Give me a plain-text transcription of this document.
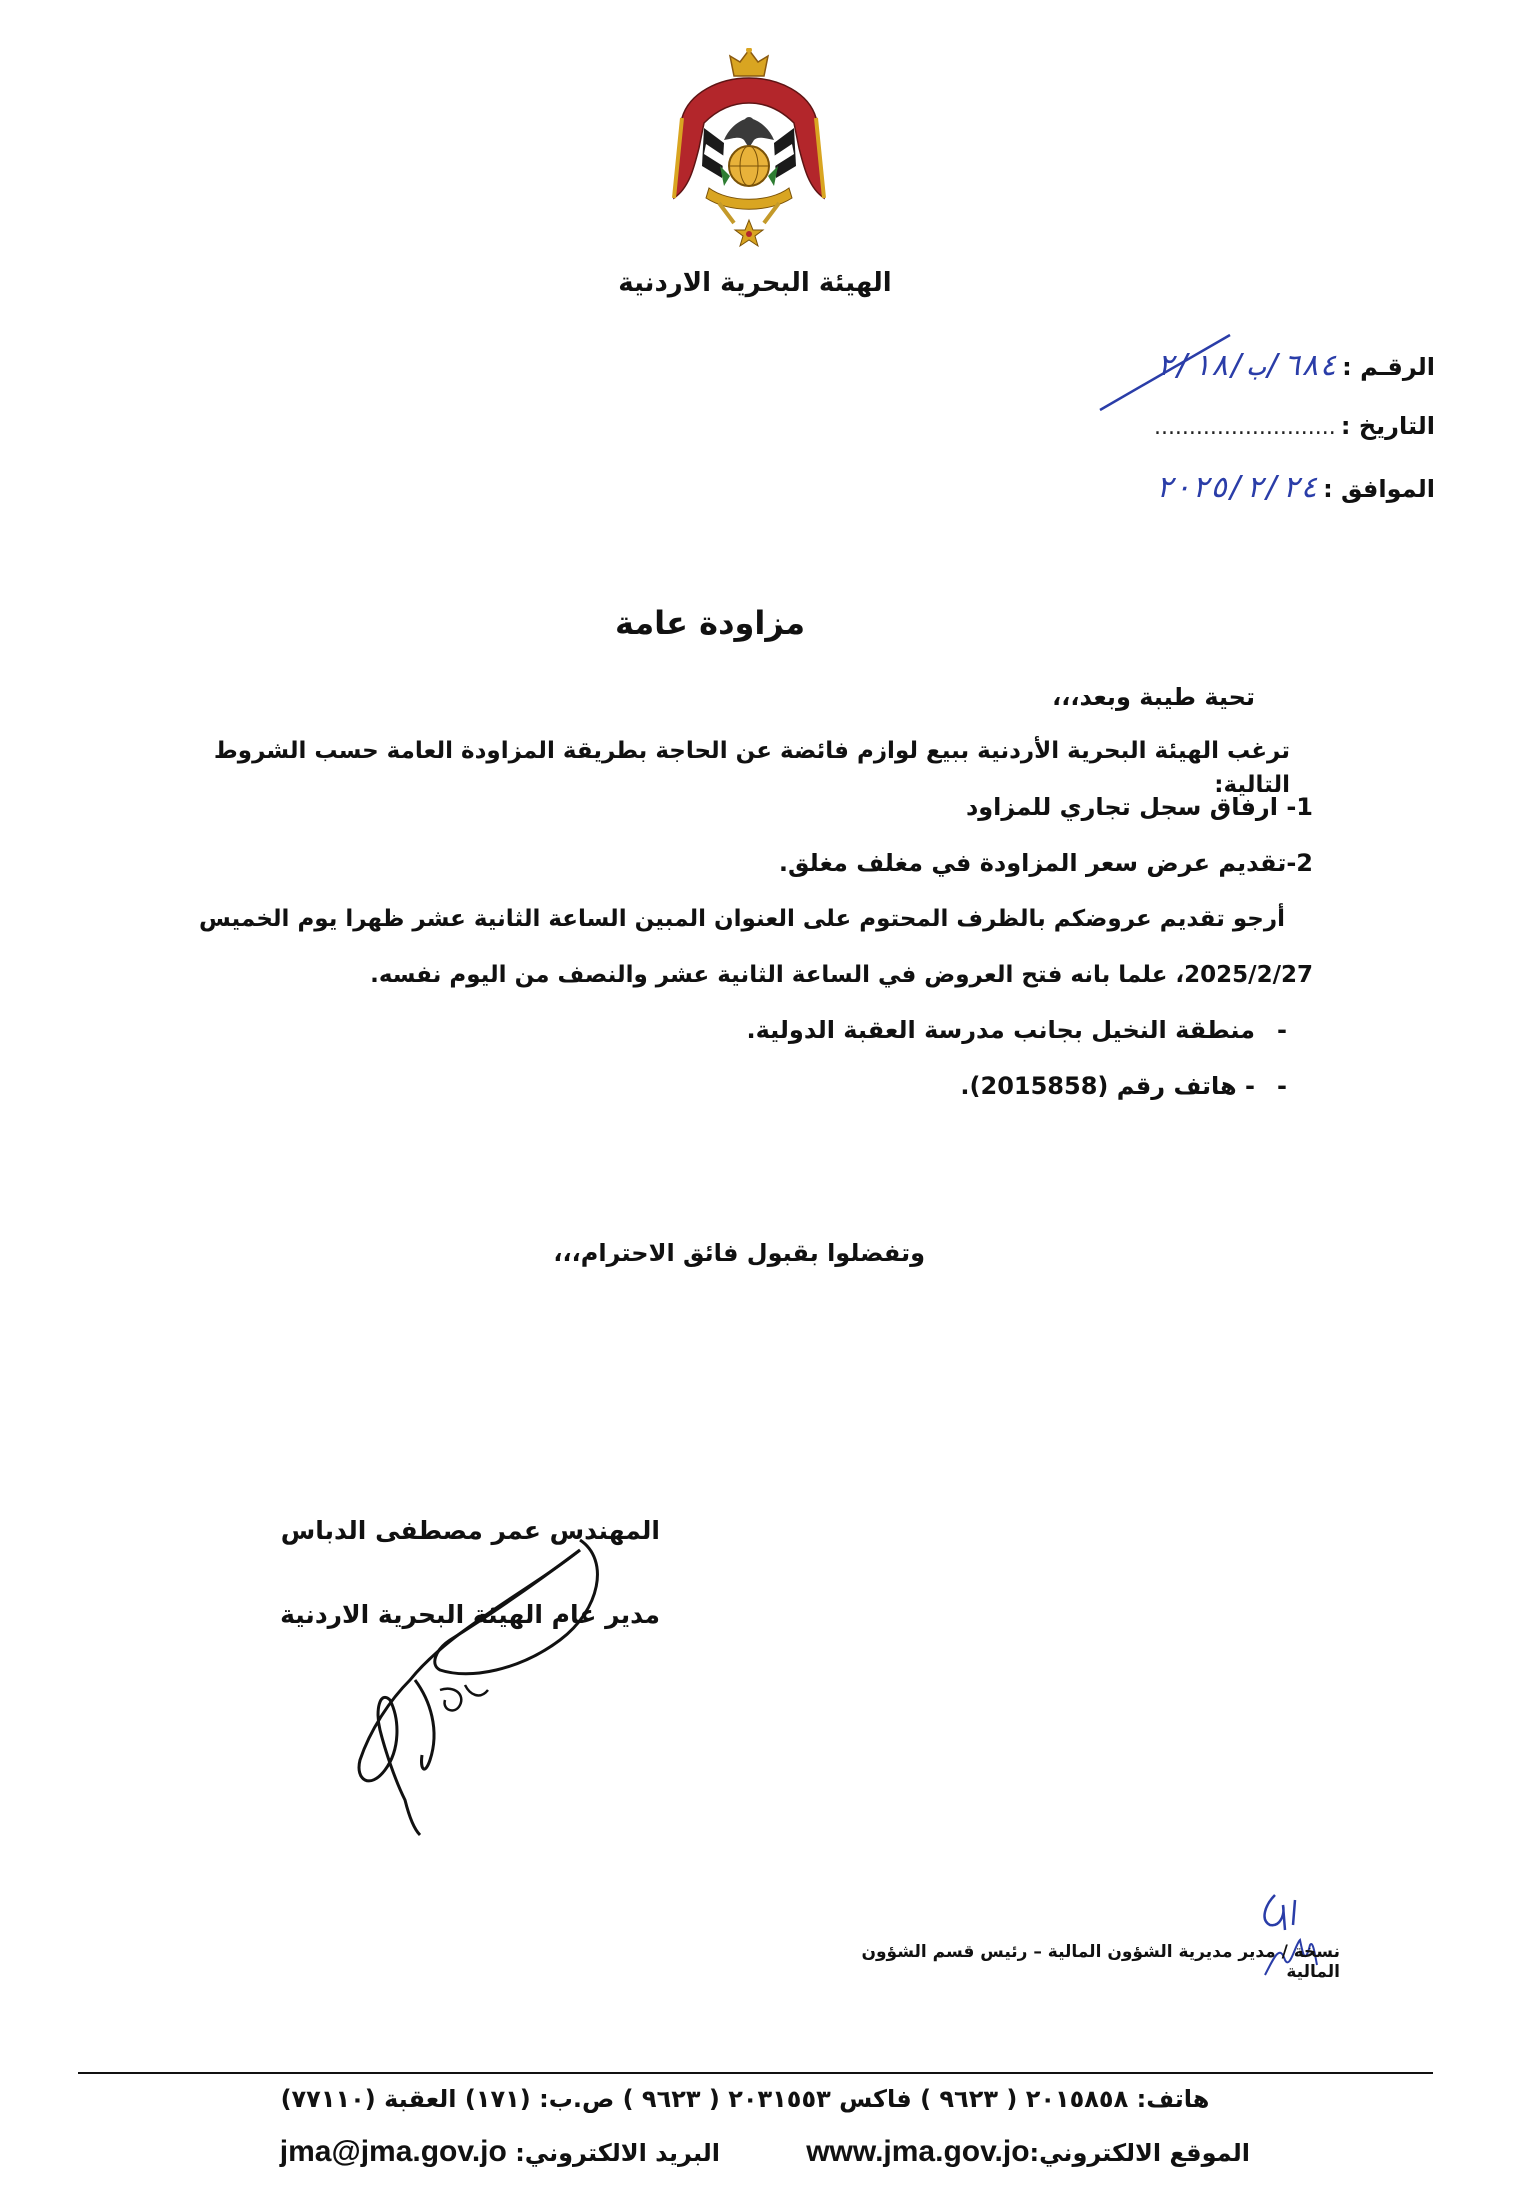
الهيئة البحرية الاردنية
الرقـم : ٦٨٤/ب/٢/١٨
التاريخ : ..........................
الموافق : ٢٠٢٥/٢/٢٤
مزاودة عامة
تحية طيبة وبعد،،،
ترغب الهيئة البحرية الأردنية ببيع لوازم فائضة عن الحاجة بطريقة المزاودة العامة حسب الشروط التالية:
1- ارفاق سجل تجاري للمزاود
2-تقديم عرض سعر المزاودة في مغلف مغلق.
أرجو تقديم عروضكم بالظرف المحتوم على العنوان المبين الساعة الثانية عشر ظهرا يوم الخميس
2025/2/27، علما بانه فتح العروض في الساعة الثانية عشر والنصف من اليوم نفسه.
-
منطقة النخيل بجانب مدرسة العقبة الدولية.
-
- هاتف رقم (2015858).
وتفضلوا بقبول فائق الاحترام،،،
المهندس عمر مصطفى الدباس
مدير عام الهيئة البحرية الاردنية
نسخة / مدير مديرية الشؤون المالية – رئيس قسم الشؤون المالية
هاتف: ٢٠١٥٨٥٨ ( ٩٦٢٣ ) فاكس ٢٠٣١٥٥٣ ( ٩٦٢٣ ) ص.ب: (١٧١) العقبة (٧٧١١٠)
الموقع الالكتروني:www.jma.gov.jo
البريد الالكتروني: jma@jma.gov.jo
